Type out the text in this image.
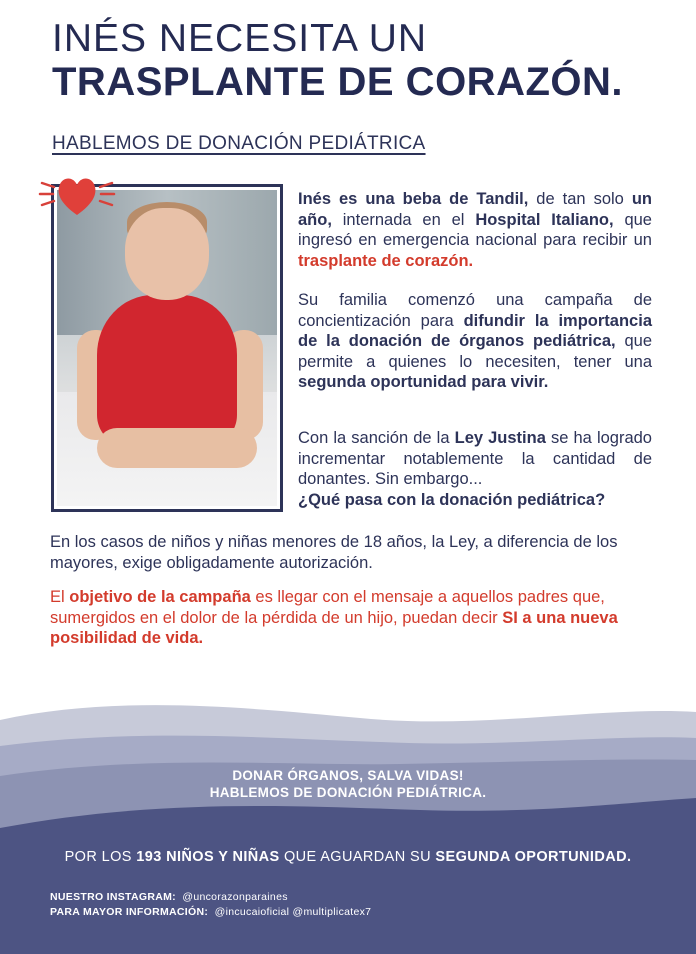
INÉS NECESITA UN
TRASPLANTE DE CORAZÓN.
HABLEMOS DE DONACIÓN PEDIÁTRICA

Inés es una beba de Tandil, de tan solo un año, internada en el Hospital Italiano, que ingresó en emergencia nacional para recibir un trasplante de corazón.

Su familia comenzó una campaña de concientización para difundir la importancia de la donación de órganos pediátrica, que permite a quienes lo necesiten, tener una segunda oportunidad para vivir.

Con la sanción de la Ley Justina se ha logrado incrementar notablemente la cantidad de donantes. Sin embargo...
¿Qué pasa con la donación pediátrica?

En los casos de niños y niñas menores de 18 años, la Ley, a diferencia de los mayores, exige obligadamente autorización.

El objetivo de la campaña es llegar con el mensaje a aquellos padres que, sumergidos en el dolor de la pérdida de un hijo, puedan decir SI a una nueva posibilidad de vida.

DONAR ÓRGANOS, SALVA VIDAS!
HABLEMOS DE DONACIÓN PEDIÁTRICA.
POR LOS 193 NIÑOS Y NIÑAS QUE AGUARDAN SU SEGUNDA OPORTUNIDAD.
NUESTRO INSTAGRAM: @uncorazonparaines
PARA MAYOR INFORMACIÓN: @incucaioficial @multiplicatex7
